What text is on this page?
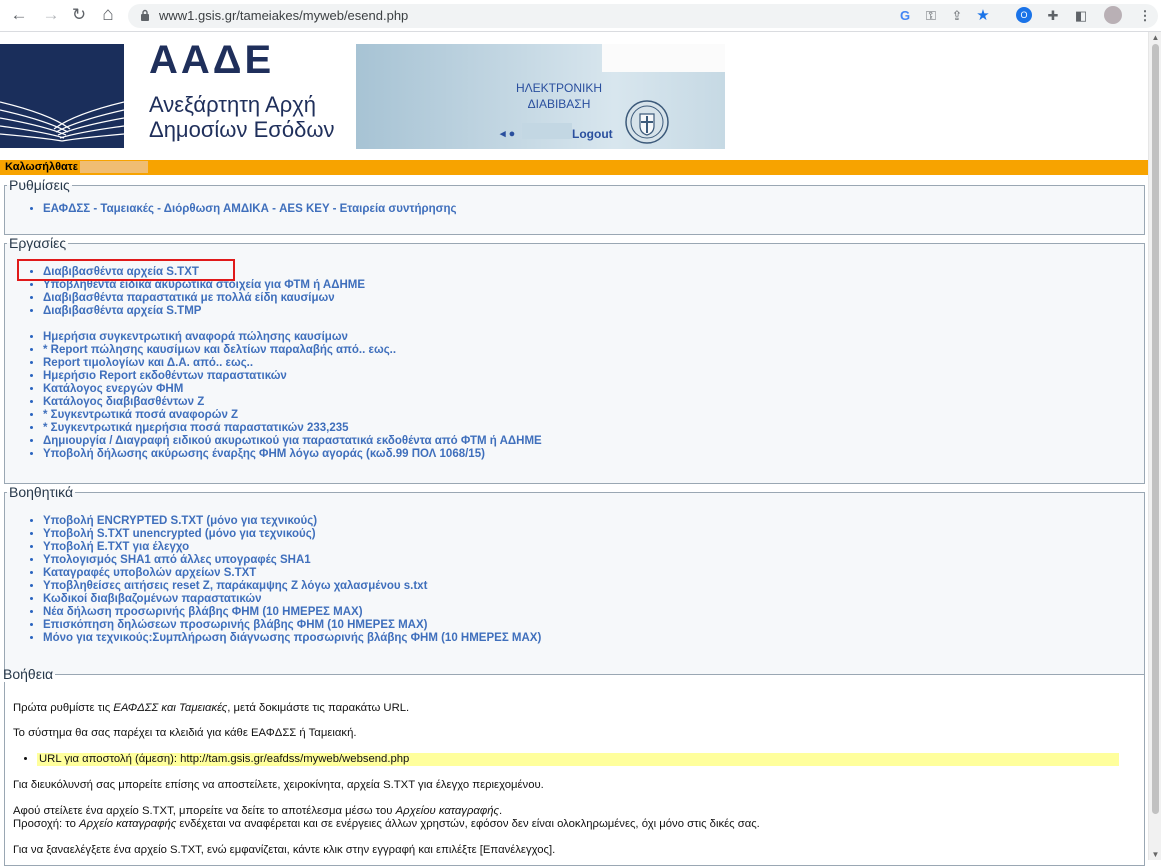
← → ↻ ⌂	www1.gsis.gr/tameiakes/myweb/esend.php	G	⚿	⇪ ★	O	✚ ◧	⋮
ΑΑΔΕ
Ανεξάρτητη Αρχή
Δημοσίων Εσόδων
ΗΛΕΚΤΡΟΝΙΚΗ
ΔΙΑΒΙΒΑΣΗ
◂ ●	Logout
Καλωσήλθατε
Ρυθμίσεις
• ΕΑΦΔΣΣ - Ταμειακές - Διόρθωση ΑΜΔΙΚΑ - AES KEY - Εταιρεία συντήρησης
Εργασίες
• Διαβιβασθέντα αρχεία S.TXT
• Υποβληθέντα ειδικά ακυρωτικά στοιχεία για ΦΤΜ ή ΑΔΗΜΕ
• Διαβιβασθέντα παραστατικά με πολλά είδη καυσίμων
• Διαβιβασθέντα αρχεία S.TMP
• Ημερήσια συγκεντρωτική αναφορά πώλησης καυσίμων
• * Report πώλησης καυσίμων και δελτίων παραλαβής από.. εως..
• Report τιμολογίων και Δ.Α. από.. εως..
• Ημερήσιο Report εκδοθέντων παραστατικών
• Κατάλογος ενεργών ΦΗΜ
• Κατάλογος διαβιβασθέντων Ζ
• * Συγκεντρωτικά ποσά αναφορών Ζ
• * Συγκεντρωτικά ημερήσια ποσά παραστατικών 233,235
• Δημιουργία / Διαγραφή ειδικού ακυρωτικού για παραστατικά εκδοθέντα από ΦΤΜ ή ΑΔΗΜΕ
• Υποβολή δήλωσης ακύρωσης έναρξης ΦΗΜ λόγω αγοράς (κωδ.99 ΠΟΛ 1068/15)
Βοηθητικά
• Υποβολή ENCRYPTED S.TXT (μόνο για τεχνικούς)
• Υποβολή S.TXT unencrypted (μόνο για τεχνικούς)
• Υποβολή E.TXT για έλεγχο
• Υπολογισμός SHA1 από άλλες υπογραφές SHA1
• Καταγραφές υποβολών αρχείων S.TXT
• Υποβληθείσες αιτήσεις reset Z, παράκαμψης Z λόγω χαλασμένου s.txt
• Κωδικοί διαβιβαζομένων παραστατικών
• Νέα δήλωση προσωρινής βλάβης ΦΗΜ (10 ΗΜΕΡΕΣ ΜΑΧ)
• Επισκόπηση δηλώσεων προσωρινής βλάβης ΦΗΜ (10 ΗΜΕΡΕΣ ΜΑΧ)
• Μόνο για τεχνικούς:Συμπλήρωση διάγνωσης προσωρινής βλάβης ΦΗΜ (10 ΗΜΕΡΕΣ ΜΑΧ)
Βοήθεια

Πρώτα ρυθμίστε τις ΕΑΦΔΣΣ και Ταμειακές, μετά δοκιμάστε τις παρακάτω URL.

Το σύστημα θα σας παρέχει τα κλειδιά για κάθε ΕΑΦΔΣΣ ή Ταμειακή.

• URL για αποστολή (άμεση): http://tam.gsis.gr/eafdss/myweb/websend.php

Για διευκόλυνσή σας μπορείτε επίσης να αποστείλετε, χειροκίνητα, αρχεία S.TXT για έλεγχο περιεχομένου.

Αφού στείλετε ένα αρχείο S.TXT, μπορείτε να δείτε το αποτέλεσμα μέσω του Αρχείου καταγραφής.

Προσοχή: το Αρχείο καταγραφής ενδέχεται να αναφέρεται και σε ενέργειες άλλων χρηστών, εφόσον δεν είναι ολοκληρωμένες, όχι μόνο στις δικές σας.

Για να ξαναελέγξετε ένα αρχείο S.TXT, ενώ εμφανίζεται, κάντε κλικ στην εγγραφή και επιλέξτε [Επανέλεγχος].

▲
▼
